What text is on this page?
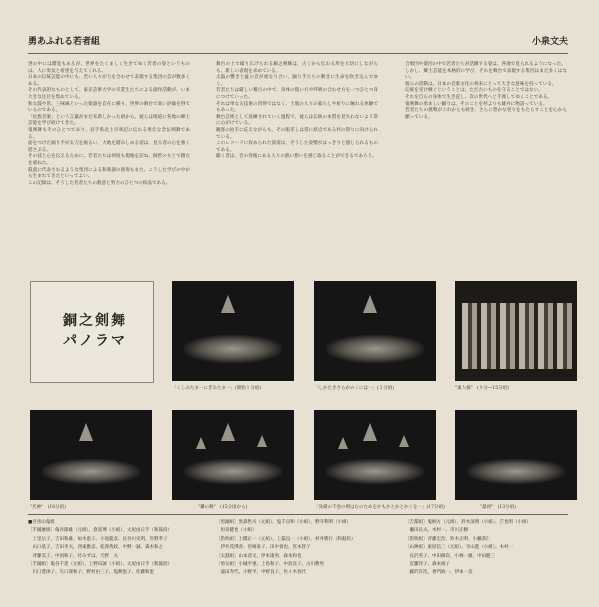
勇あふれる若者組	小泉文夫

世の中には錯覚もあるが、世界をたくましく生きてゆく若者の姿というものは、人に勇気と希望を与えてくれる。

日本の伝統芸能の中にも、若い人々が力を合わせて表現する集団の芸が数多くある。

その代表的なものとして、東京芸術大学の卒業生たちによる創作活動が、いま大きな注目を集めている。

和太鼓や笛、三味線といった楽器を自在に操り、世界の舞台で高い評価を得ているのである。

「民族音楽」という言葉がまだ耳新しかった頃から、彼らは地道に各地の郷土芸能を学び続けてきた。

鬼剣舞もそのひとつであり、岩手県北上市周辺に伝わる勇壮な念仏剣舞である。

面をつけた踊り手が太刀を振るい、大地を踏みしめる姿は、見る者の心を強く揺さぶる。

その技と心を伝えるために、若者たちは何度も現地を訪ね、師匠のもとで稽古を重ねた。

鼓童に代表されるような集団による和楽器の演奏もまた、こうした学びの中から生まれてきたといってよい。

この記録は、そうした若者たちの熱意と努力のひとつの結晶である。

舞台の上で繰り広げられる銅之剣舞は、古くから伝わる形を大切にしながらも、新しい表現を求めている。

太鼓の響きと鉦の音が重なり合い、踊り手たちの動きに生命を吹き込んでゆく。

若者たちは厳しい稽古の中で、身体の使い方や呼吸の合わせ方を一つひとつ身につけていった。

それは単なる技術の習得ではなく、土地の人々の暮らしや祈りに触れる体験でもあった。

舞台芸術として洗練されていく過程で、彼らは伝統の本質を見失わないよう常に心がけている。

観客の拍手に応えながらも、その眼差しは常に原点である村の祭りに向けられている。

このレコードに収められた演奏は、そうした姿勢がはっきりと感じられるものである。

聴く者は、音の背後にある人々の熱い想いを感じ取ることができるであろう。

合唱団や楽団の中で若者たちが活躍する姿は、各地で見られるようになった。

しかし、郷土芸能を本格的に学び、それを舞台で表現する集団はまだ多くはない。

彼らの活動は、日本の音楽文化の将来にとって大きな意味を持っている。

伝統を受け継ぐということは、ただ古いものを守ることではない。

それを自らの身体で生き直し、次の世代へと手渡してゆくことである。

鬼剣舞の勇ましい踊りは、そのことを何よりも雄弁に物語っている。

若者たちの挑戦がこれからも続き、さらに豊かな実りをもたらすことを心から願っている。

銅之剣舞
パノラマ
「くしみたま一にぎみたま一」(開始１分頃)	「しかたきさらかのくには一」(５分頃)	"素人様"　(９分―15分頃)
"氏神"　(16分頃)	"鎌の舞"　(15分頃から)	「身備の千巻の剣はむのためをかもかとかとかくを一」(17分頃)	"最初"　(13分頃)
■吾喜山鬼組
〔手踊歴組〕亀谷節雄（元組）、倉富博（小組）、太屋由日手（和鼓役）
　上里岳子、吉田和雄、如木恵子、小池龍彦、長谷川史明、宮野孝子
　山口基子、吉田幸夫、西東雅彦、松澤秀政、中野一誠、森木和之
　斉藤美子、中国和子、付みずほ、天野　夫
〔手踊組〕亀谷千恵（元組）、上野田誠（小組）、太屋由日手（和鼓役）
　川口豊津子、矢口義和子、野村由三子、塩耕恵子、佐藤和恵
〔男踊組〕黒森哲夫（元組）、塩千良和（小組）、野寺利明（小組）
　垣泉健也（小組）
〔笛吹組〕土橋正一（元組）、上築良一（小組）、村井勝行（和鼓役）
　伊井茂沸喜、宮崎泰子、田中貴也、宮本智子
〔太鼓組〕山本清文、伊本康男、森本和也
〔勇女組〕小城平重、上島和子、中島良子、古川勝男
　遠田寿代、小野平、中野良子、佐々木春代
〔吉都組〕鬼柄方（元組）、鈴木深博（小組）、芒也明（小組）
　瀬田長夫、木村一、市川正樹
〔笛吹組〕斉藤宏治、鈴木正明、小瀬恭仁
〔山鉾組〕東原信三（元組）、寺山進（小組）、木村一
　長沢英子、中田修次、小林一雄、中田健三
　近藤洋子、森本純子
　藤沢有次、香門政一、伊本一美
